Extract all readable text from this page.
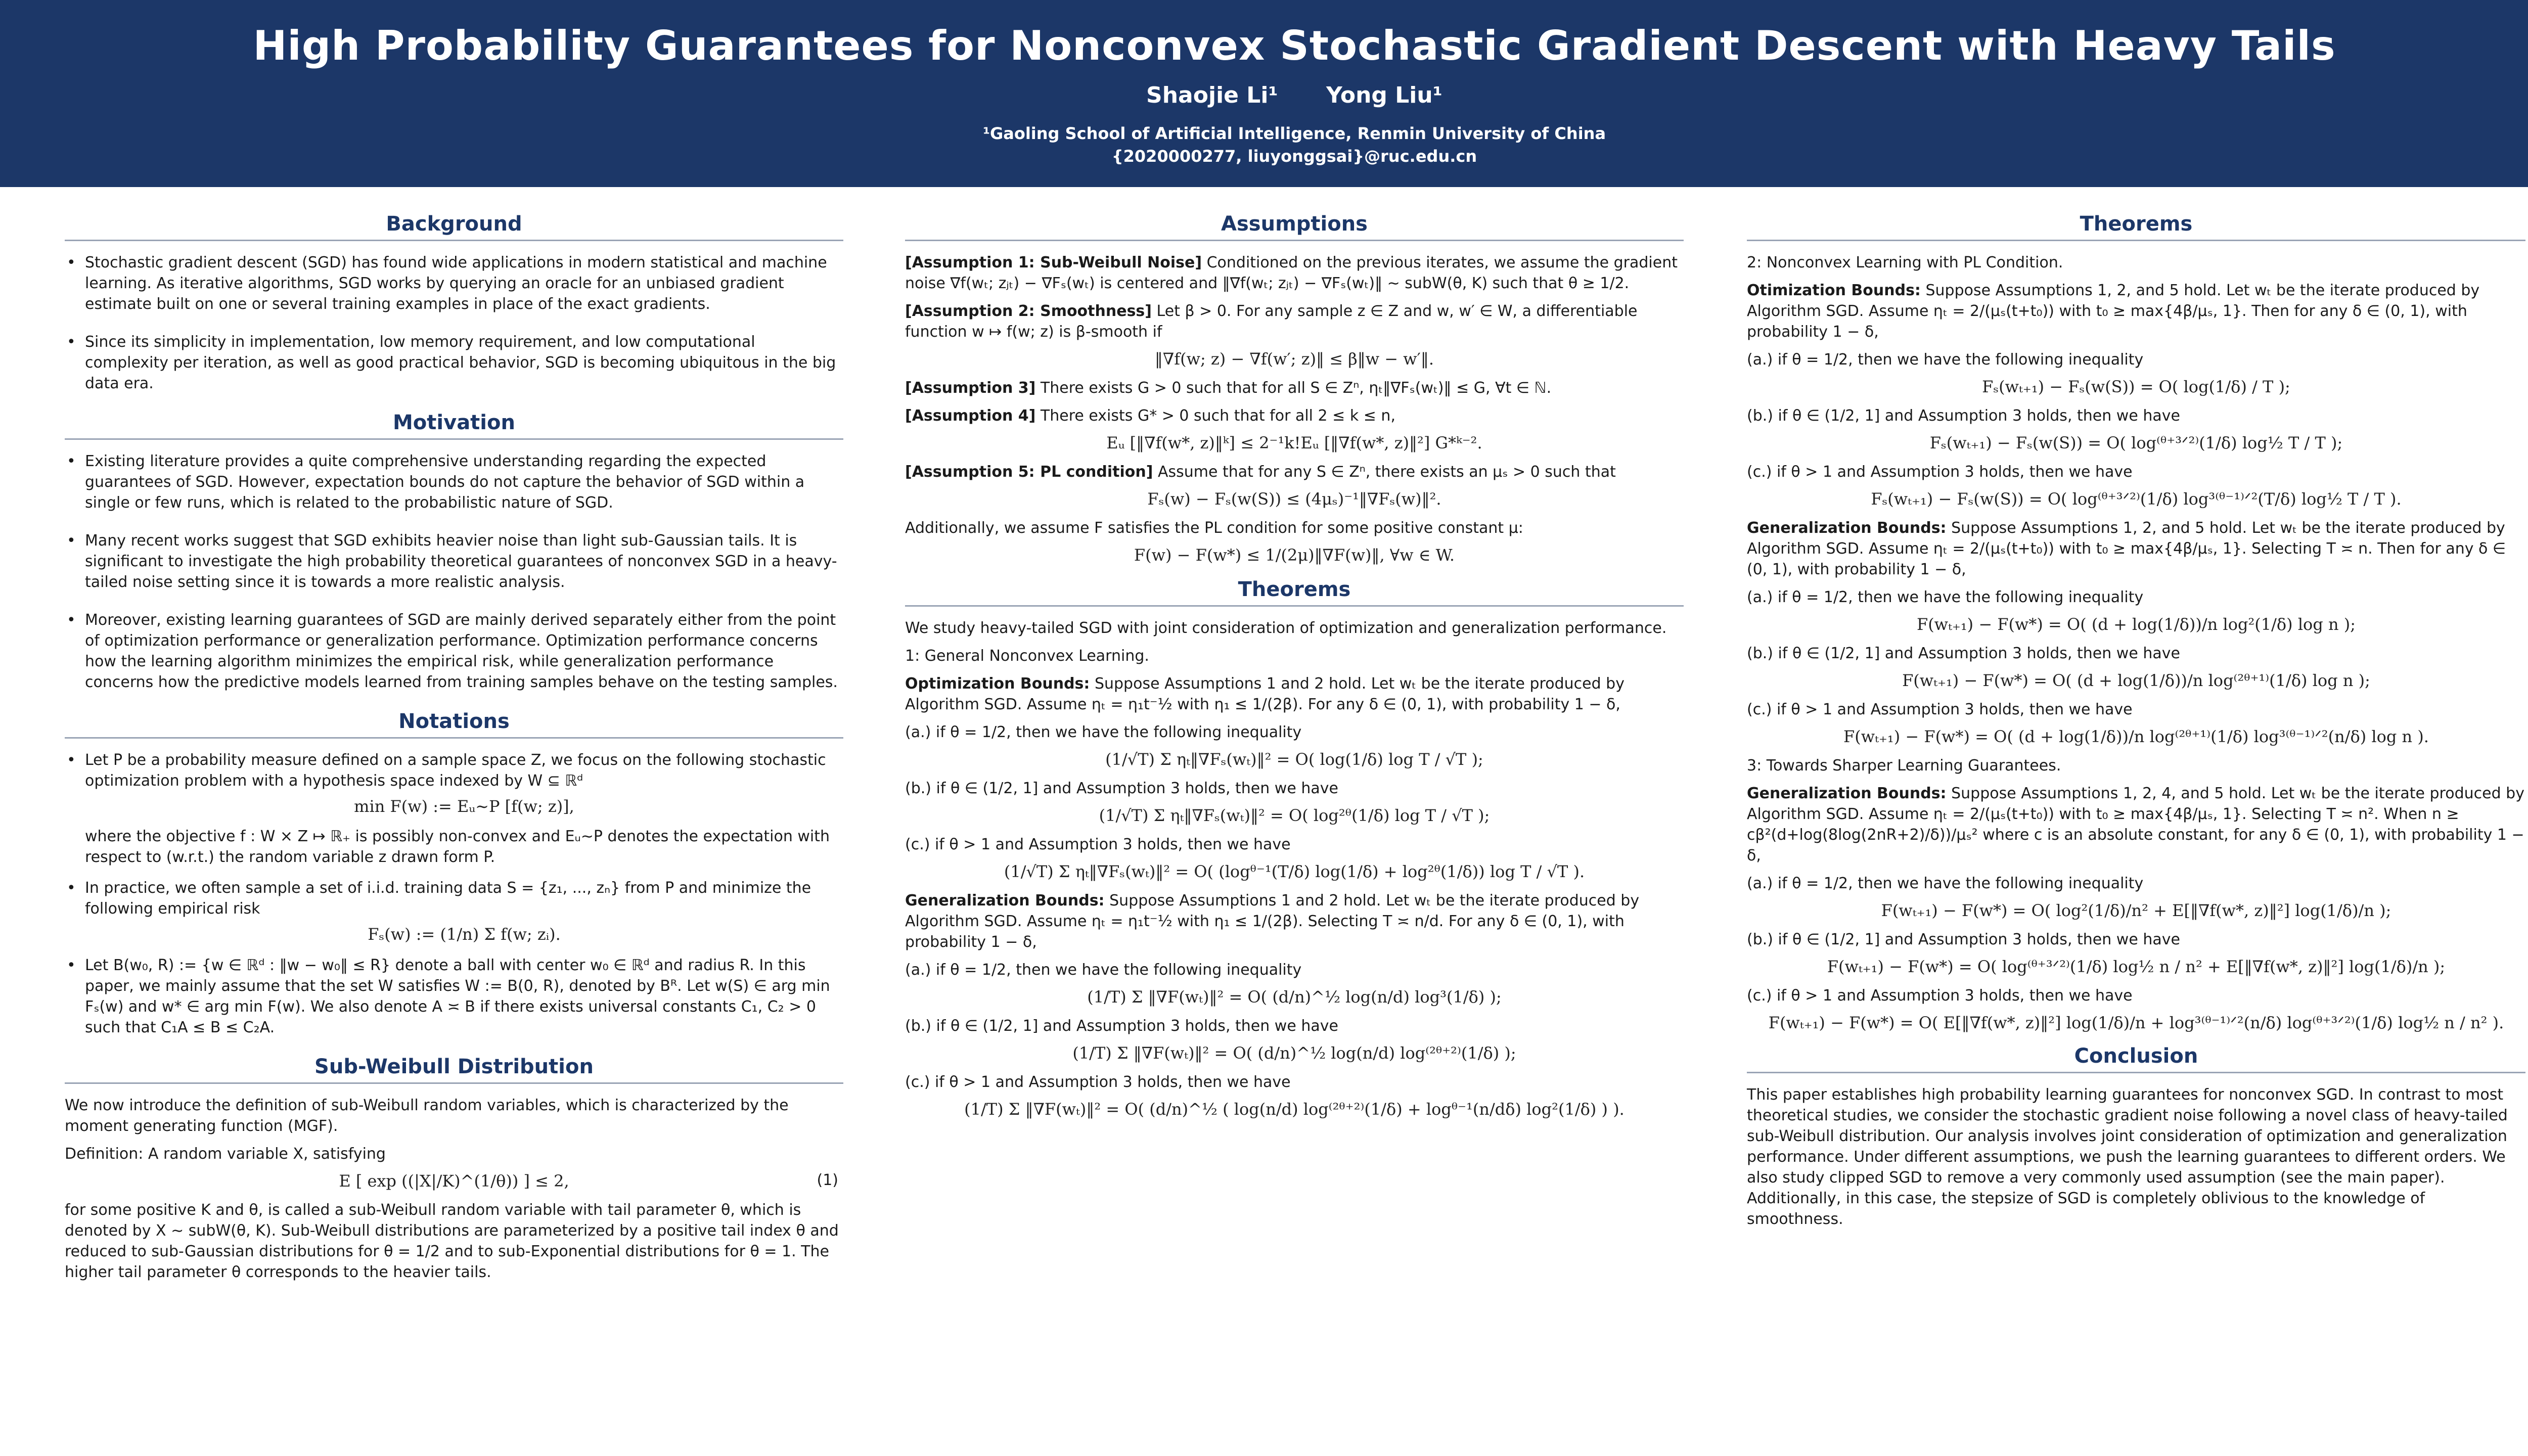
High Probability Guarantees for Nonconvex Stochastic Gradient Descent with Heavy Tails
Shaojie Li¹ Yong Liu¹
¹Gaoling School of Artificial Intelligence, Renmin University of China
{2020000277, liuyonggsai}@ruc.edu.cn
Background
• Stochastic gradient descent (SGD) has found wide applications in modern statistical and machine learning. As iterative algorithms, SGD works by querying an oracle for an unbiased gradient estimate built on one or several training examples in place of the exact gradients.
• Since its simplicity in implementation, low memory requirement, and low computational complexity per iteration, as well as good practical behavior, SGD is becoming ubiquitous in the big data era.
Motivation
• Existing literature provides a quite comprehensive understanding regarding the expected guarantees of SGD. However, expectation bounds do not capture the behavior of SGD within a single or few runs, which is related to the probabilistic nature of SGD.
• Many recent works suggest that SGD exhibits heavier noise than light sub-Gaussian tails. It is significant to investigate the high probability theoretical guarantees of nonconvex SGD in a heavy-tailed noise setting since it is towards a more realistic analysis.
• Moreover, existing learning guarantees of SGD are mainly derived separately either from the point of optimization performance or generalization performance. Optimization performance concerns how the learning algorithm minimizes the empirical risk, while generalization performance concerns how the predictive models learned from training samples behave on the testing samples.
Notations
• Let P be a probability measure defined on a sample space Z, we focus on the following stochastic optimization problem with a hypothesis space indexed by W ⊆ ℝᵈ
min F(w) := Eᵤ∼P [f(w; z)],
where the objective f : W × Z ↦ ℝ₊ is possibly non-convex and Eᵤ∼P denotes the expectation with respect to (w.r.t.) the random variable z drawn form P.
• In practice, we often sample a set of i.i.d. training data S = {z₁, ..., zₙ} from P and minimize the following empirical risk
Fₛ(w) := (1/n) Σ f(w; zᵢ).
• Let B(w₀, R) := {w ∈ ℝᵈ : ‖w − w₀‖ ≤ R} denote a ball with center w₀ ∈ ℝᵈ and radius R. In this paper, we mainly assume that the set W satisfies W := B(0, R), denoted by Bᴿ. Let w(S) ∈ arg min Fₛ(w) and w* ∈ arg min F(w). We also denote A ≍ B if there exists universal constants C₁, C₂ > 0 such that C₁A ≤ B ≤ C₂A.
Sub-Weibull Distribution
We now introduce the definition of sub-Weibull random variables, which is characterized by the moment generating function (MGF).
Definition: A random variable X, satisfying
E [ exp ((|X|/K)^(1/θ)) ] ≤ 2,	(1)
for some positive K and θ, is called a sub-Weibull random variable with tail parameter θ, which is denoted by X ∼ subW(θ, K). Sub-Weibull distributions are parameterized by a positive tail index θ and reduced to sub-Gaussian distributions for θ = 1/2 and to sub-Exponential distributions for θ = 1. The higher tail parameter θ corresponds to the heavier tails.
Assumptions
[Assumption 1: Sub-Weibull Noise] Conditioned on the previous iterates, we assume the gradient noise ∇f(wₜ; zⱼₜ) − ∇Fₛ(wₜ) is centered and ‖∇f(wₜ; zⱼₜ) − ∇Fₛ(wₜ)‖ ∼ subW(θ, K) such that θ ≥ 1/2.
[Assumption 2: Smoothness] Let β > 0. For any sample z ∈ Z and w, w′ ∈ W, a differentiable function w ↦ f(w; z) is β-smooth if
‖∇f(w; z) − ∇f(w′; z)‖ ≤ β‖w − w′‖.
[Assumption 3] There exists G > 0 such that for all S ∈ Zⁿ, ηₜ‖∇Fₛ(wₜ)‖ ≤ G, ∀t ∈ ℕ.
[Assumption 4] There exists G* > 0 such that for all 2 ≤ k ≤ n,
Eᵤ [‖∇f(w*, z)‖ᵏ] ≤ 2⁻¹k!Eᵤ [‖∇f(w*, z)‖²] G*ᵏ⁻².
[Assumption 5: PL condition] Assume that for any S ∈ Zⁿ, there exists an μₛ > 0 such that
Fₛ(w) − Fₛ(w(S)) ≤ (4μₛ)⁻¹‖∇Fₛ(w)‖².
Additionally, we assume F satisfies the PL condition for some positive constant μ:
F(w) − F(w*) ≤ 1/(2μ)‖∇F(w)‖, ∀w ∈ W.
Theorems
We study heavy-tailed SGD with joint consideration of optimization and generalization performance.
1: General Nonconvex Learning.
Optimization Bounds: Suppose Assumptions 1 and 2 hold. Let wₜ be the iterate produced by Algorithm SGD. Assume ηₜ = η₁t⁻½ with η₁ ≤ 1/(2β). For any δ ∈ (0, 1), with probability 1 − δ,
(a.) if θ = 1/2, then we have the following inequality
(1/√T) Σ ηₜ‖∇Fₛ(wₜ)‖² = O( log(1/δ) log T / √T );
(b.) if θ ∈ (1/2, 1] and Assumption 3 holds, then we have
(1/√T) Σ ηₜ‖∇Fₛ(wₜ)‖² = O( log²ᶿ(1/δ) log T / √T );
(c.) if θ > 1 and Assumption 3 holds, then we have
(1/√T) Σ ηₜ‖∇Fₛ(wₜ)‖² = O( (logᶿ⁻¹(T/δ) log(1/δ) + log²ᶿ(1/δ)) log T / √T ).
Generalization Bounds: Suppose Assumptions 1 and 2 hold. Let wₜ be the iterate produced by Algorithm SGD. Assume ηₜ = η₁t⁻½ with η₁ ≤ 1/(2β). Selecting T ≍ n/d. For any δ ∈ (0, 1), with probability 1 − δ,
(a.) if θ = 1/2, then we have the following inequality
(1/T) Σ ‖∇F(wₜ)‖² = O( (d/n)^½ log(n/d) log³(1/δ) );
(b.) if θ ∈ (1/2, 1] and Assumption 3 holds, then we have
(1/T) Σ ‖∇F(wₜ)‖² = O( (d/n)^½ log(n/d) log⁽²ᶿ⁺²⁾(1/δ) );
(c.) if θ > 1 and Assumption 3 holds, then we have
(1/T) Σ ‖∇F(wₜ)‖² = O( (d/n)^½ ( log(n/d) log⁽²ᶿ⁺²⁾(1/δ) + logᶿ⁻¹(n/dδ) log²(1/δ) ) ).
Theorems
2: Nonconvex Learning with PL Condition.
Otimization Bounds: Suppose Assumptions 1, 2, and 5 hold. Let wₜ be the iterate produced by Algorithm SGD. Assume ηₜ = 2/(μₛ(t+t₀)) with t₀ ≥ max{4β/μₛ, 1}. Then for any δ ∈ (0, 1), with probability 1 − δ,
(a.) if θ = 1/2, then we have the following inequality
Fₛ(wₜ₊₁) − Fₛ(w(S)) = O( log(1/δ) / T );
(b.) if θ ∈ (1/2, 1] and Assumption 3 holds, then we have
Fₛ(wₜ₊₁) − Fₛ(w(S)) = O( log⁽ᶿ⁺³ᐟ²⁾(1/δ) log½ T / T );
(c.) if θ > 1 and Assumption 3 holds, then we have
Fₛ(wₜ₊₁) − Fₛ(w(S)) = O( log⁽ᶿ⁺³ᐟ²⁾(1/δ) log³⁽ᶿ⁻¹⁾ᐟ²(T/δ) log½ T / T ).
Generalization Bounds: Suppose Assumptions 1, 2, and 5 hold. Let wₜ be the iterate produced by Algorithm SGD. Assume ηₜ = 2/(μₛ(t+t₀)) with t₀ ≥ max{4β/μₛ, 1}. Selecting T ≍ n. Then for any δ ∈ (0, 1), with probability 1 − δ,
(a.) if θ = 1/2, then we have the following inequality
F(wₜ₊₁) − F(w*) = O( (d + log(1/δ))/n log²(1/δ) log n );
(b.) if θ ∈ (1/2, 1] and Assumption 3 holds, then we have
F(wₜ₊₁) − F(w*) = O( (d + log(1/δ))/n log⁽²ᶿ⁺¹⁾(1/δ) log n );
(c.) if θ > 1 and Assumption 3 holds, then we have
F(wₜ₊₁) − F(w*) = O( (d + log(1/δ))/n log⁽²ᶿ⁺¹⁾(1/δ) log³⁽ᶿ⁻¹⁾ᐟ²(n/δ) log n ).
3: Towards Sharper Learning Guarantees.
Generalization Bounds: Suppose Assumptions 1, 2, 4, and 5 hold. Let wₜ be the iterate produced by Algorithm SGD. Assume ηₜ = 2/(μₛ(t+t₀)) with t₀ ≥ max{4β/μₛ, 1}. Selecting T ≍ n². When n ≥ cβ²(d+log(8log(2nR+2)/δ))/μₛ² where c is an absolute constant, for any δ ∈ (0, 1), with probability 1 − δ,
(a.) if θ = 1/2, then we have the following inequality
F(wₜ₊₁) − F(w*) = O( log²(1/δ)/n² + E[‖∇f(w*, z)‖²] log(1/δ)/n );
(b.) if θ ∈ (1/2, 1] and Assumption 3 holds, then we have
F(wₜ₊₁) − F(w*) = O( log⁽ᶿ⁺³ᐟ²⁾(1/δ) log½ n / n² + E[‖∇f(w*, z)‖²] log(1/δ)/n );
(c.) if θ > 1 and Assumption 3 holds, then we have
F(wₜ₊₁) − F(w*) = O( E[‖∇f(w*, z)‖²] log(1/δ)/n + log³⁽ᶿ⁻¹⁾ᐟ²(n/δ) log⁽ᶿ⁺³ᐟ²⁾(1/δ) log½ n / n² ).
Conclusion
This paper establishes high probability learning guarantees for nonconvex SGD. In contrast to most theoretical studies, we consider the stochastic gradient noise following a novel class of heavy-tailed sub-Weibull distribution. Our analysis involves joint consideration of optimization and generalization performance. Under different assumptions, we push the learning guarantees to different orders. We also study clipped SGD to remove a very commonly used assumption (see the main paper). Additionally, in this case, the stepsize of SGD is completely oblivious to the knowledge of smoothness.
